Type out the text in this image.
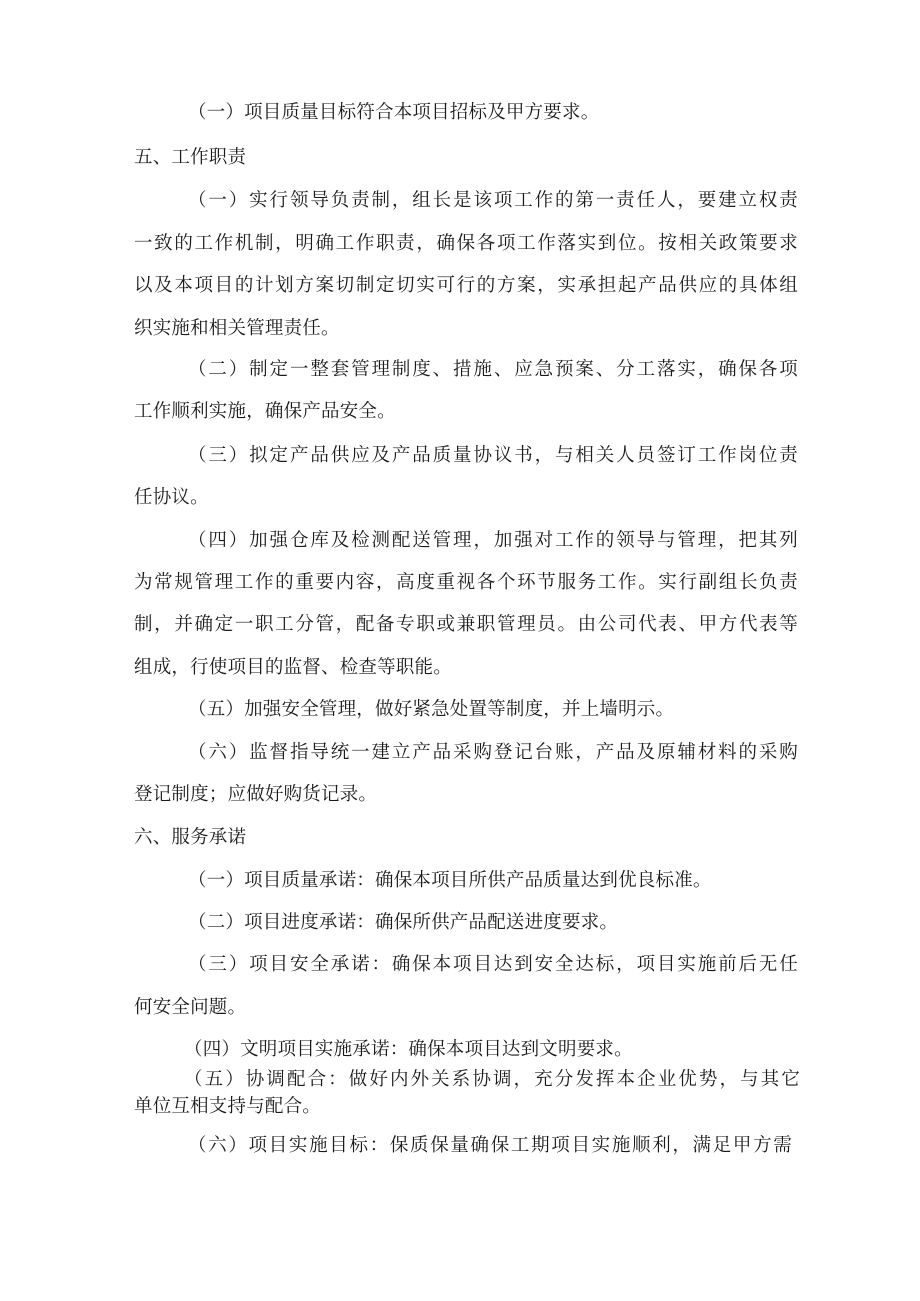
（一）项目质量目标符合本项目招标及甲方要求。
五、工作职责
（一）实行领导负责制，组长是该项工作的第一责任人，要建立权责
一致的工作机制，明确工作职责，确保各项工作落实到位。按相关政策要求
以及本项目的计划方案切制定切实可行的方案，实承担起产品供应的具体组
织实施和相关管理责任。
（二）制定一整套管理制度、措施、应急预案、分工落实，确保各项
工作顺利实施，确保产品安全。
（三）拟定产品供应及产品质量协议书，与相关人员签订工作岗位责
任协议。
（四）加强仓库及检测配送管理，加强对工作的领导与管理，把其列
为常规管理工作的重要内容，高度重视各个环节服务工作。实行副组长负责
制，并确定一职工分管，配备专职或兼职管理员。由公司代表、甲方代表等
组成，行使项目的监督、检查等职能。
（五）加强安全管理，做好紧急处置等制度，并上墙明示。
（六）监督指导统一建立产品采购登记台账，产品及原辅材料的采购
登记制度；应做好购货记录。
六、服务承诺
（一）项目质量承诺：确保本项目所供产品质量达到优良标准。
（二）项目进度承诺：确保所供产品配送进度要求。
（三）项目安全承诺：确保本项目达到安全达标，项目实施前后无任
何安全问题。
（四）文明项目实施承诺：确保本项目达到文明要求。
（五）协调配合：做好内外关系协调，充分发挥本企业优势，与其它
单位互相支持与配合。
（六）项目实施目标：保质保量确保工期项目实施顺利，满足甲方需
